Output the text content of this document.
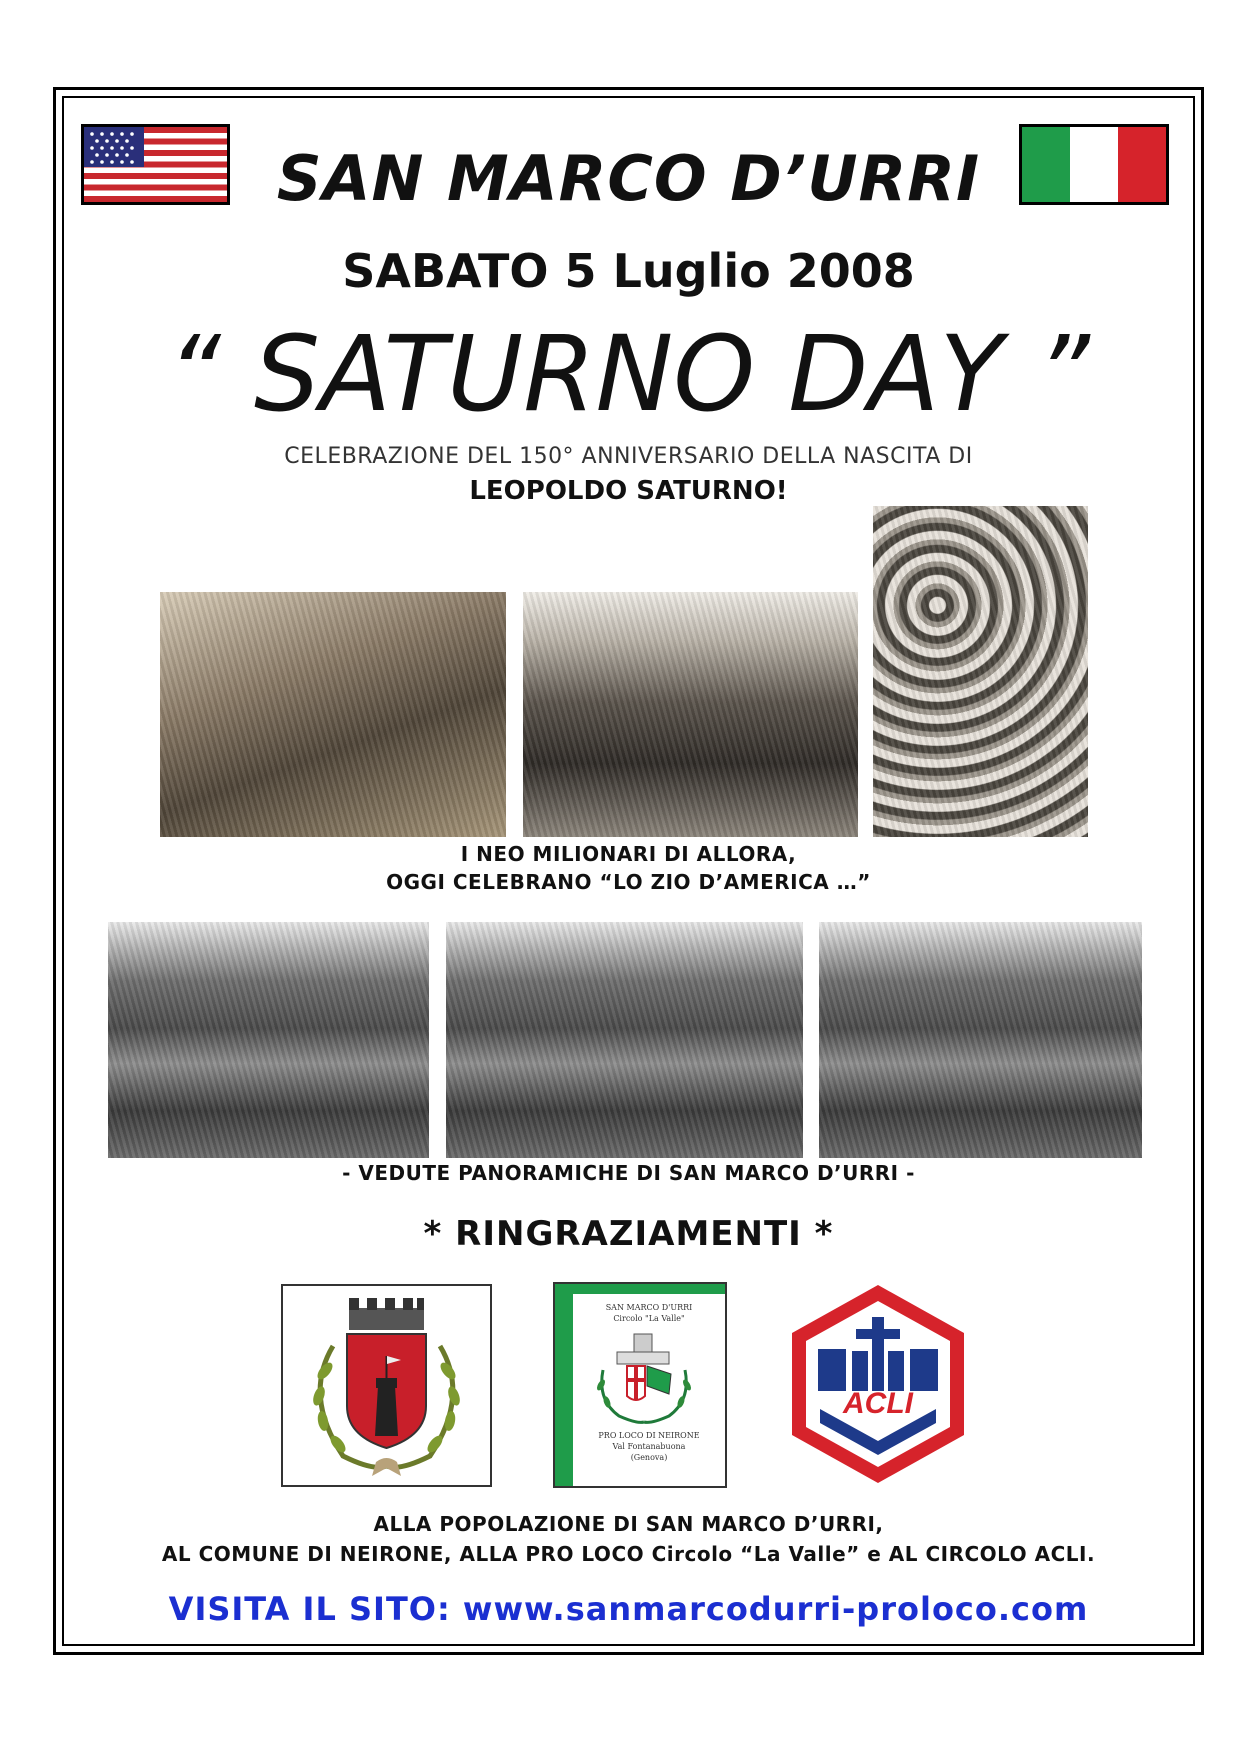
SAN MARCO D’URRI
SABATO 5 Luglio 2008
“ SATURNO DAY ”
CELEBRAZIONE DEL 150° ANNIVERSARIO DELLA NASCITA DI
LEOPOLDO SATURNO!
I NEO MILIONARI DI ALLORA,
OGGI CELEBRANO “LO ZIO D’AMERICA …”
- VEDUTE PANORAMICHE DI SAN MARCO D’URRI -
* RINGRAZIAMENTI *
SAN MARCO D'URRI
Circolo "La Valle"
PRO LOCO DI NEIRONE
Val Fontanabuona
(Genova)
ACLI
ALLA POPOLAZIONE DI SAN MARCO D’URRI,
AL COMUNE DI NEIRONE, ALLA PRO LOCO Circolo “La Valle” e AL CIRCOLO ACLI.
VISITA IL SITO: www.sanmarcodurri-proloco.com
